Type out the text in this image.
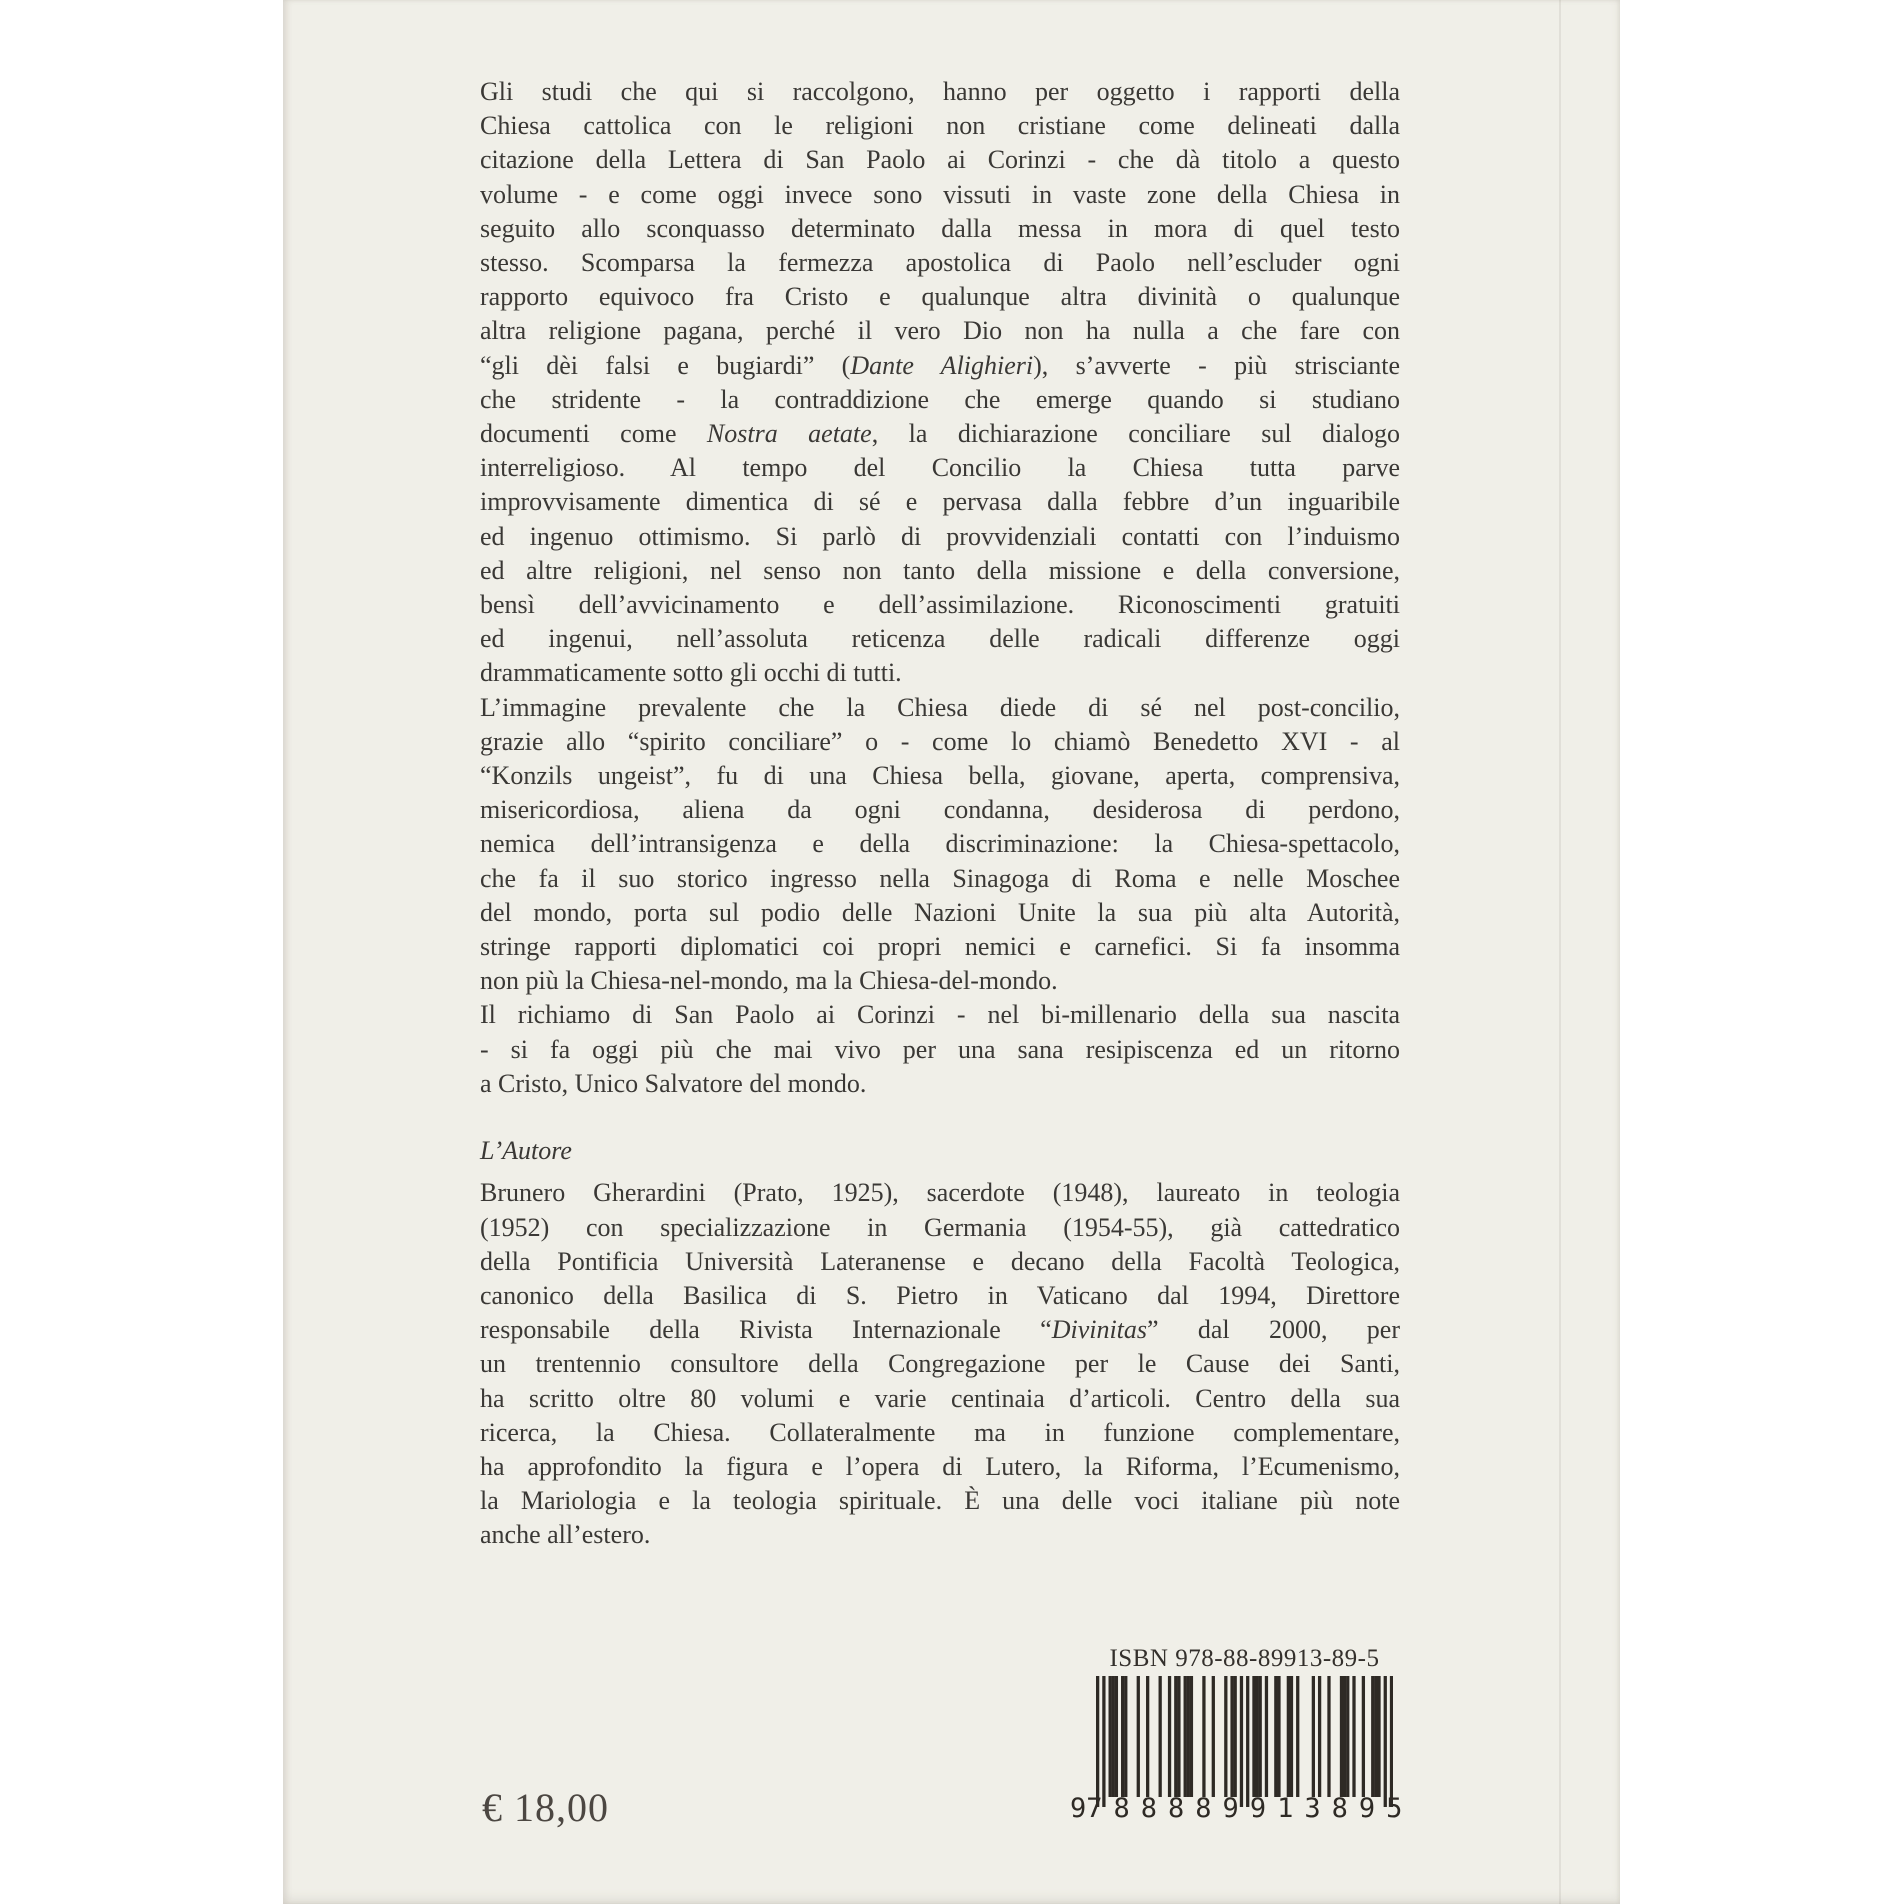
Gli studi che qui si raccolgono, hanno per oggetto i rapporti della
Chiesa cattolica con le religioni non cristiane come delineati dalla
citazione della Lettera di San Paolo ai Corinzi - che dà titolo a questo
volume - e come oggi invece sono vissuti in vaste zone della Chiesa in
seguito allo sconquasso determinato dalla messa in mora di quel testo
stesso. Scomparsa la fermezza apostolica di Paolo nell’escluder ogni
rapporto equivoco fra Cristo e qualunque altra divinità o qualunque
altra religione pagana, perché il vero Dio non ha nulla a che fare con
“gli dèi falsi e bugiardi” (Dante Alighieri), s’avverte - più strisciante
che stridente - la contraddizione che emerge quando si studiano
documenti come Nostra aetate, la dichiarazione conciliare sul dialogo
interreligioso. Al tempo del Concilio la Chiesa tutta parve
improvvisamente dimentica di sé e pervasa dalla febbre d’un inguaribile
ed ingenuo ottimismo. Si parlò di provvidenziali contatti con l’induismo
ed altre religioni, nel senso non tanto della missione e della conversione,
bensì dell’avvicinamento e dell’assimilazione. Riconoscimenti gratuiti
ed ingenui, nell’assoluta reticenza delle radicali differenze oggi
drammaticamente sotto gli occhi di tutti.
L’immagine prevalente che la Chiesa diede di sé nel post-concilio,
grazie allo “spirito conciliare” o - come lo chiamò Benedetto XVI - al
“Konzils ungeist”, fu di una Chiesa bella, giovane, aperta, comprensiva,
misericordiosa, aliena da ogni condanna, desiderosa di perdono,
nemica dell’intransigenza e della discriminazione: la Chiesa-spettacolo,
che fa il suo storico ingresso nella Sinagoga di Roma e nelle Moschee
del mondo, porta sul podio delle Nazioni Unite la sua più alta Autorità,
stringe rapporti diplomatici coi propri nemici e carnefici. Si fa insomma
non più la Chiesa-nel-mondo, ma la Chiesa-del-mondo.
Il richiamo di San Paolo ai Corinzi - nel bi-millenario della sua nascita
- si fa oggi più che mai vivo per una sana resipiscenza ed un ritorno
a Cristo, Unico Salvatore del mondo.
L’Autore
Brunero Gherardini (Prato, 1925), sacerdote (1948), laureato in teologia
(1952) con specializzazione in Germania (1954-55), già cattedratico
della Pontificia Università Lateranense e decano della Facoltà Teologica,
canonico della Basilica di S. Pietro in Vaticano dal 1994, Direttore
responsabile della Rivista Internazionale “Divinitas” dal 2000, per
un trentennio consultore della Congregazione per le Cause dei Santi,
ha scritto oltre 80 volumi e varie centinaia d’articoli. Centro della sua
ricerca, la Chiesa. Collateralmente ma in funzione complementare,
ha approfondito la figura e l’opera di Lutero, la Riforma, l’Ecumenismo,
la Mariologia e la teologia spirituale. È una delle voci italiane più note
anche all’estero.
ISBN 978-88-89913-89-5
9 788889 913895
€ 18,00
